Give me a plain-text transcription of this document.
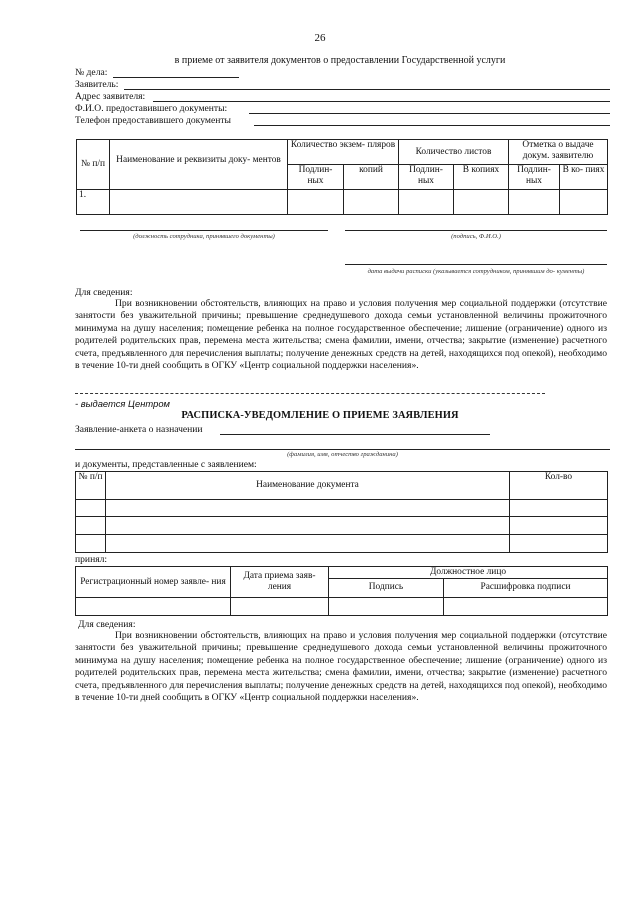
26
в приеме от заявителя документов о предоставлении Государственной услуги
№ дела:
Заявитель:
Адрес заявителя:
Ф.И.О. предоставившего документы:
Телефон предоставившего документы
№ п/п	Наименование и реквизиты доку- ментов	Количество экзем- пляров		Количество листов		Отметка о выдаче докум. заявителю	
		Подлин- ных	копий	Подлин- ных	В копиях	Подлин- ных	В ко- пиях
1.							
(должность сотрудника, принявшего документы)	(подпись, Ф.И.О.)
дата выдачи расписки (указывается сотрудником, принявшим до- кументы)
Для сведения:
При возникновении обстоятельств, влияющих на право и условия получения мер социальной поддержки (отсутствие занятости без уважительной причины; превышение среднедушевого дохода семьи установленной величины прожиточного минимума на душу населения; помещение ребенка на полное государственное обеспечение; лишение (ограничение) одного из родителей родительских прав, перемена места жительства; смена фамилии, имени, отчества; закрытие (изменение) расчетного счета, предъявленного для перечисления выплаты; получение денежных средств на детей, находящихся под опекой), необходимо в течение 10-ти дней сообщить в ОГКУ «Центр социальной поддержки населения».
- выдается Центром
РАСПИСКА-УВЕДОМЛЕНИЕ О ПРИЕМЕ ЗАЯВЛЕНИЯ
Заявление-анкета о назначении
(фамилия, имя, отчество гражданина)
и документы, представленные с заявлением:
№ п/п	Наименование документа	Кол-во

принял:
Регистрационный номер заявле- ния	Дата приема заяв- ления	Должностное лицо	
		Подпись	Расшифровка подписи

Для сведения:
При возникновении обстоятельств, влияющих на право и условия получения мер социальной поддержки (отсутствие занятости без уважительной причины; превышение среднедушевого дохода семьи установленной величины прожиточного минимума на душу населения; помещение ребенка на полное государственное обеспечение; лишение (ограничение) одного из родителей родительских прав, перемена места жительства; смена фамилии, имени, отчества; закрытие (изменение) расчетного счета, предъявленного для перечисления выплаты; получение денежных средств на детей, находящихся под опекой), необходимо в течение 10-ти дней сообщить в ОГКУ «Центр социальной поддержки населения».
